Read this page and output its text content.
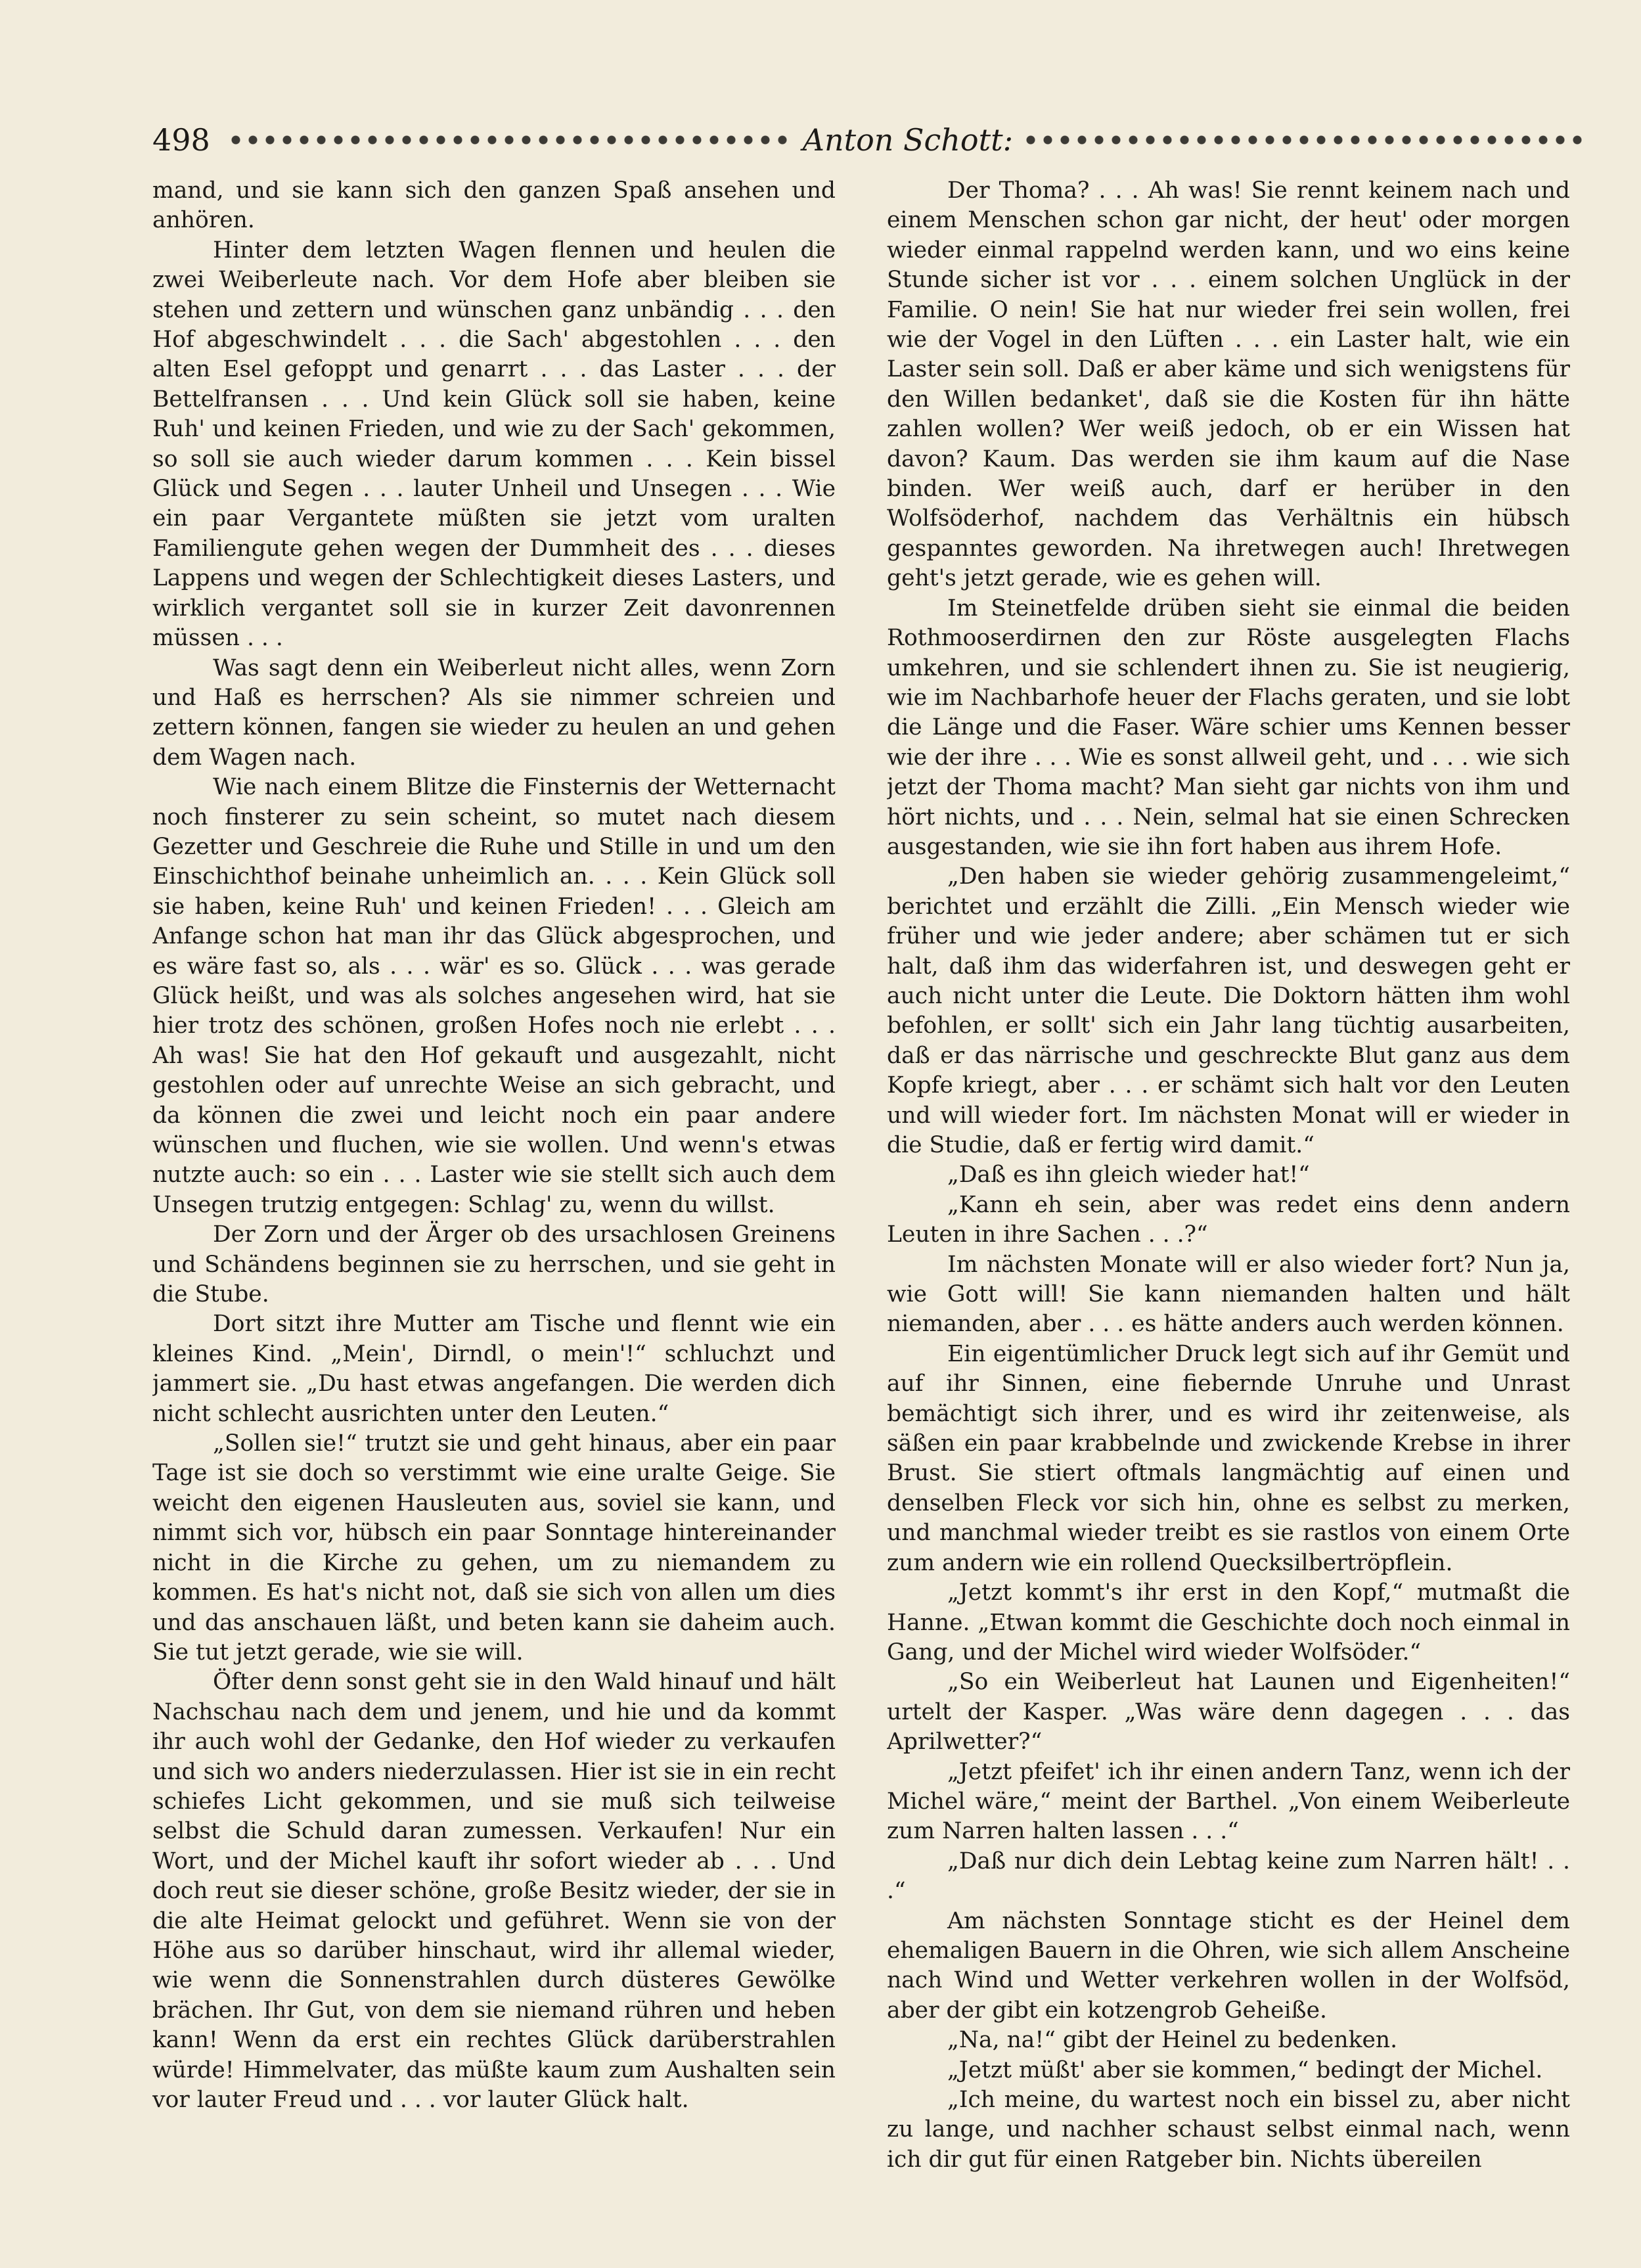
498	Anton Schott:

mand, und sie kann sich den ganzen Spaß ansehen und anhören.

Hinter dem letzten Wagen flennen und heulen die zwei Weiberleute nach. Vor dem Hofe aber bleiben sie stehen und zettern und wünschen ganz unbändig . . . den Hof abgeschwindelt . . . die Sach' abgestohlen . . . den alten Esel gefoppt und genarrt . . . das Laster . . . der Bettelfransen . . . Und kein Glück soll sie haben, keine Ruh' und keinen Frieden, und wie zu der Sach' gekommen, so soll sie auch wieder darum kommen . . . Kein bissel Glück und Segen . . . lauter Unheil und Unsegen . . . Wie ein paar Vergantete müßten sie jetzt vom uralten Familiengute gehen wegen der Dummheit des . . . dieses Lappens und wegen der Schlechtigkeit dieses Lasters, und wirklich vergantet soll sie in kurzer Zeit davonrennen müssen . . .

Was sagt denn ein Weiberleut nicht alles, wenn Zorn und Haß es herrschen? Als sie nimmer schreien und zettern können, fangen sie wieder zu heulen an und gehen dem Wagen nach.

Wie nach einem Blitze die Finsternis der Wetternacht noch finsterer zu sein scheint, so mutet nach diesem Gezetter und Geschreie die Ruhe und Stille in und um den Einschichthof beinahe unheimlich an. . . . Kein Glück soll sie haben, keine Ruh' und keinen Frieden! . . . Gleich am Anfange schon hat man ihr das Glück abgesprochen, und es wäre fast so, als . . . wär' es so. Glück . . . was gerade Glück heißt, und was als solches angesehen wird, hat sie hier trotz des schönen, großen Hofes noch nie erlebt . . . Ah was! Sie hat den Hof gekauft und ausgezahlt, nicht gestohlen oder auf unrechte Weise an sich gebracht, und da können die zwei und leicht noch ein paar andere wünschen und fluchen, wie sie wollen. Und wenn's etwas nutzte auch: so ein . . . Laster wie sie stellt sich auch dem Unsegen trutzig entgegen: Schlag' zu, wenn du willst.

Der Zorn und der Ärger ob des ursachlosen Greinens und Schändens beginnen sie zu herrschen, und sie geht in die Stube.

Dort sitzt ihre Mutter am Tische und flennt wie ein kleines Kind. „Mein', Dirndl, o mein'!“ schluchzt und jammert sie. „Du hast etwas angefangen. Die werden dich nicht schlecht ausrichten unter den Leuten.“

„Sollen sie!“ trutzt sie und geht hinaus, aber ein paar Tage ist sie doch so verstimmt wie eine uralte Geige. Sie weicht den eigenen Hausleuten aus, soviel sie kann, und nimmt sich vor, hübsch ein paar Sonntage hintereinander nicht in die Kirche zu gehen, um zu niemandem zu kommen. Es hat's nicht not, daß sie sich von allen um dies und das anschauen läßt, und beten kann sie daheim auch. Sie tut jetzt gerade, wie sie will.

Öfter denn sonst geht sie in den Wald hinauf und hält Nachschau nach dem und jenem, und hie und da kommt ihr auch wohl der Gedanke, den Hof wieder zu verkaufen und sich wo anders niederzulassen. Hier ist sie in ein recht schiefes Licht gekommen, und sie muß sich teilweise selbst die Schuld daran zumessen. Verkaufen! Nur ein Wort, und der Michel kauft ihr sofort wieder ab . . . Und doch reut sie dieser schöne, große Besitz wieder, der sie in die alte Heimat gelockt und geführet. Wenn sie von der Höhe aus so darüber hinschaut, wird ihr allemal wieder, wie wenn die Sonnenstrahlen durch düsteres Gewölke brächen. Ihr Gut, von dem sie niemand rühren und heben kann! Wenn da erst ein rechtes Glück darüberstrahlen würde! Himmelvater, das müßte kaum zum Aushalten sein vor lauter Freud und . . . vor lauter Glück halt.

Der Thoma? . . . Ah was! Sie rennt keinem nach und einem Menschen schon gar nicht, der heut' oder morgen wieder einmal rappelnd werden kann, und wo eins keine Stunde sicher ist vor . . . einem solchen Unglück in der Familie. O nein! Sie hat nur wieder frei sein wollen, frei wie der Vogel in den Lüften . . . ein Laster halt, wie ein Laster sein soll. Daß er aber käme und sich wenigstens für den Willen bedanket', daß sie die Kosten für ihn hätte zahlen wollen? Wer weiß jedoch, ob er ein Wissen hat davon? Kaum. Das werden sie ihm kaum auf die Nase binden. Wer weiß auch, darf er herüber in den Wolfsöderhof, nachdem das Verhältnis ein hübsch gespanntes geworden. Na ihretwegen auch! Ihretwegen geht's jetzt gerade, wie es gehen will.

Im Steinetfelde drüben sieht sie einmal die beiden Rothmooserdirnen den zur Röste ausgelegten Flachs umkehren, und sie schlendert ihnen zu. Sie ist neugierig, wie im Nachbarhofe heuer der Flachs geraten, und sie lobt die Länge und die Faser. Wäre schier ums Kennen besser wie der ihre . . . Wie es sonst allweil geht, und . . . wie sich jetzt der Thoma macht? Man sieht gar nichts von ihm und hört nichts, und . . . Nein, selmal hat sie einen Schrecken ausgestanden, wie sie ihn fort haben aus ihrem Hofe.

„Den haben sie wieder gehörig zusammengeleimt,“ berichtet und erzählt die Zilli. „Ein Mensch wieder wie früher und wie jeder andere; aber schämen tut er sich halt, daß ihm das widerfahren ist, und deswegen geht er auch nicht unter die Leute. Die Doktorn hätten ihm wohl befohlen, er sollt' sich ein Jahr lang tüchtig ausarbeiten, daß er das närrische und geschreckte Blut ganz aus dem Kopfe kriegt, aber . . . er schämt sich halt vor den Leuten und will wieder fort. Im nächsten Monat will er wieder in die Studie, daß er fertig wird damit.“

„Daß es ihn gleich wieder hat!“

„Kann eh sein, aber was redet eins denn andern Leuten in ihre Sachen . . .?“

Im nächsten Monate will er also wieder fort? Nun ja, wie Gott will! Sie kann niemanden halten und hält niemanden, aber . . . es hätte anders auch werden können.

Ein eigentümlicher Druck legt sich auf ihr Gemüt und auf ihr Sinnen, eine fiebernde Unruhe und Unrast bemächtigt sich ihrer, und es wird ihr zeitenweise, als säßen ein paar krabbelnde und zwickende Krebse in ihrer Brust. Sie stiert oftmals langmächtig auf einen und denselben Fleck vor sich hin, ohne es selbst zu merken, und manchmal wieder treibt es sie rastlos von einem Orte zum andern wie ein rollend Quecksilbertröpflein.

„Jetzt kommt's ihr erst in den Kopf,“ mutmaßt die Hanne. „Etwan kommt die Geschichte doch noch einmal in Gang, und der Michel wird wieder Wolfsöder.“

„So ein Weiberleut hat Launen und Eigenheiten!“ urtelt der Kasper. „Was wäre denn dagegen . . . das Aprilwetter?“

„Jetzt pfeifet' ich ihr einen andern Tanz, wenn ich der Michel wäre,“ meint der Barthel. „Von einem Weiberleute zum Narren halten lassen . . .“

„Daß nur dich dein Lebtag keine zum Narren hält! . . .“

Am nächsten Sonntage sticht es der Heinel dem ehemaligen Bauern in die Ohren, wie sich allem Anscheine nach Wind und Wetter verkehren wollen in der Wolfsöd, aber der gibt ein kotzengrob Geheiße.

„Na, na!“ gibt der Heinel zu bedenken.

„Jetzt müßt' aber sie kommen,“ bedingt der Michel.

„Ich meine, du wartest noch ein bissel zu, aber nicht zu lange, und nachher schaust selbst einmal nach, wenn ich dir gut für einen Ratgeber bin. Nichts übereilen
